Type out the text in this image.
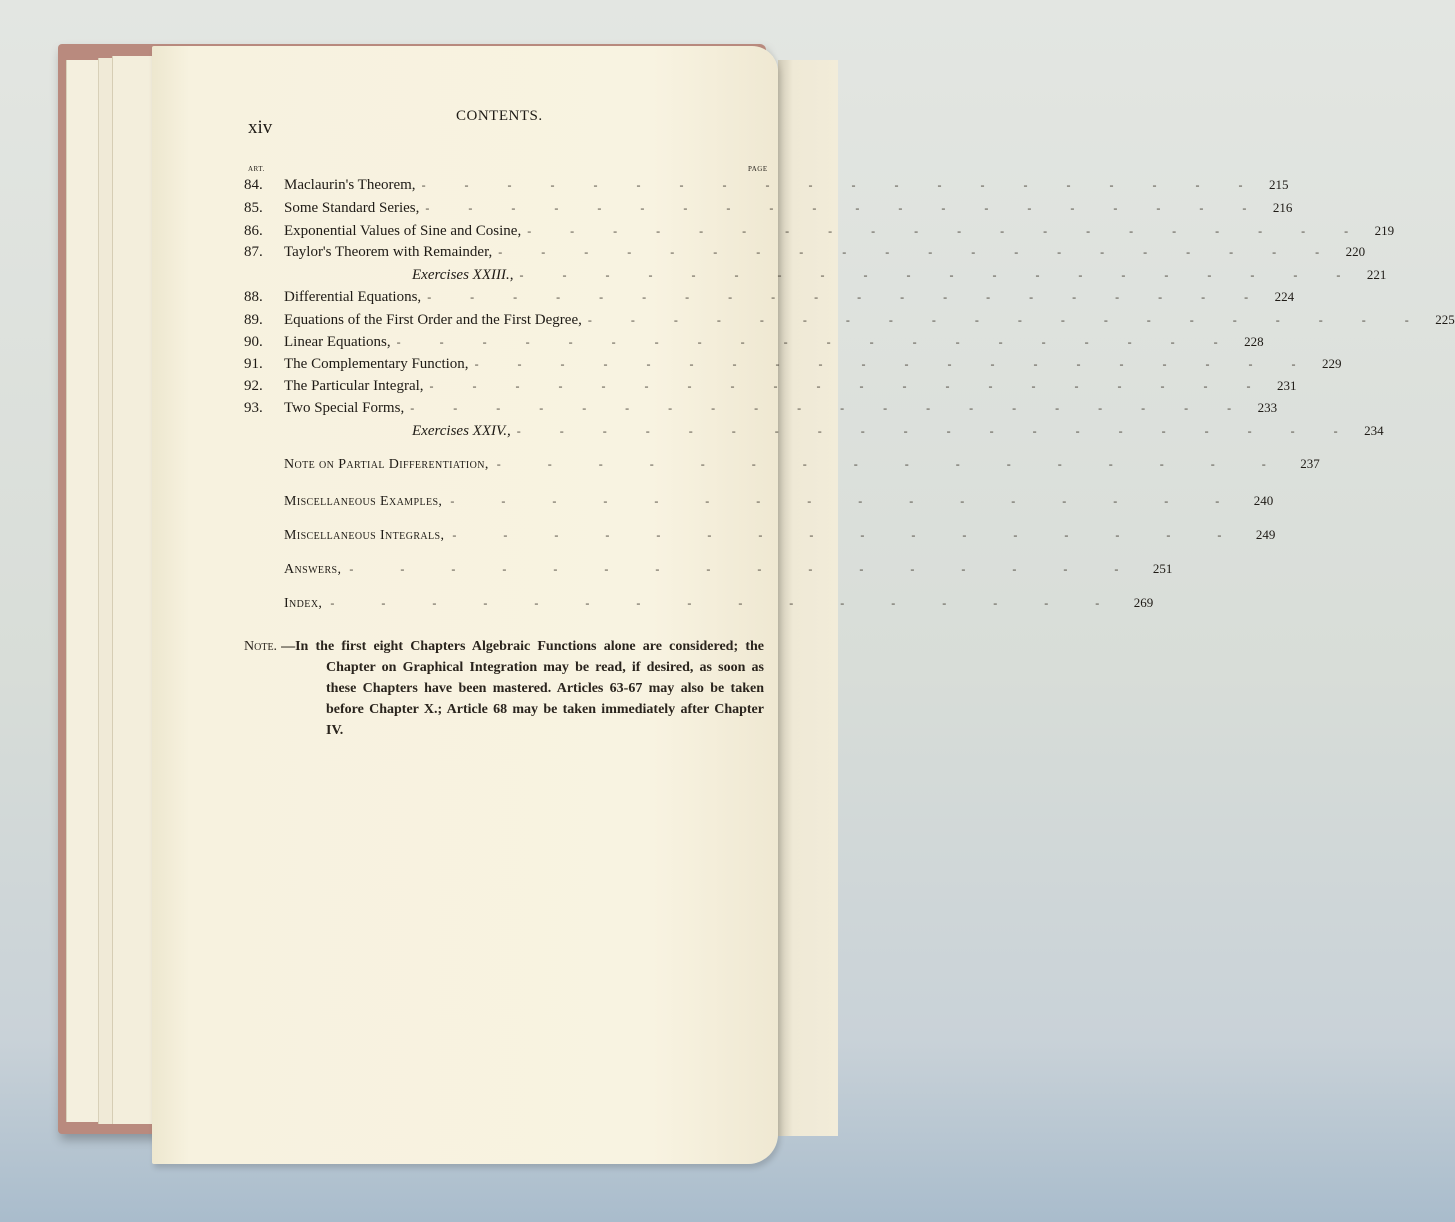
xiv
CONTENTS.
ART.	PAGE
84.	Maclaurin's Theorem, - - - - - - - - - - - - - - - - - - - - 215
85.	Some Standard Series, - - - - - - - - - - - - - - - - - - - - 216
86.	Exponential Values of Sine and Cosine, - - - - - - - - - - - - - - - - - - - - 219
87.	Taylor's Theorem with Remainder, - - - - - - - - - - - - - - - - - - - - 220
Exercises XXIII., - - - - - - - - - - - - - - - - - - - - 221
88.	Differential Equations, - - - - - - - - - - - - - - - - - - - - 224
89.	Equations of the First Order and the First Degree, - - - - - - - - - - - - - - - - - - - - 225
90.	Linear Equations, - - - - - - - - - - - - - - - - - - - - 228
91.	The Complementary Function, - - - - - - - - - - - - - - - - - - - - 229
92.	The Particular Integral, - - - - - - - - - - - - - - - - - - - - 231
93.	Two Special Forms, - - - - - - - - - - - - - - - - - - - - 233
Exercises XXIV., - - - - - - - - - - - - - - - - - - - - 234
Note on Partial Differentiation, - - - - - - - - - - - - - - - - 237
Miscellaneous Examples, - - - - - - - - - - - - - - - - 240
Miscellaneous Integrals, - - - - - - - - - - - - - - - - 249
Answers, - - - - - - - - - - - - - - - - 251
Index, - - - - - - - - - - - - - - - - 269
Note. —In the first eight Chapters Algebraic Functions alone are considered; the Chapter on Graphical Integration may be read, if desired, as soon as these Chapters have been mastered. Articles 63-67 may also be taken before Chapter X.; Article 68 may be taken immediately after Chapter IV.
